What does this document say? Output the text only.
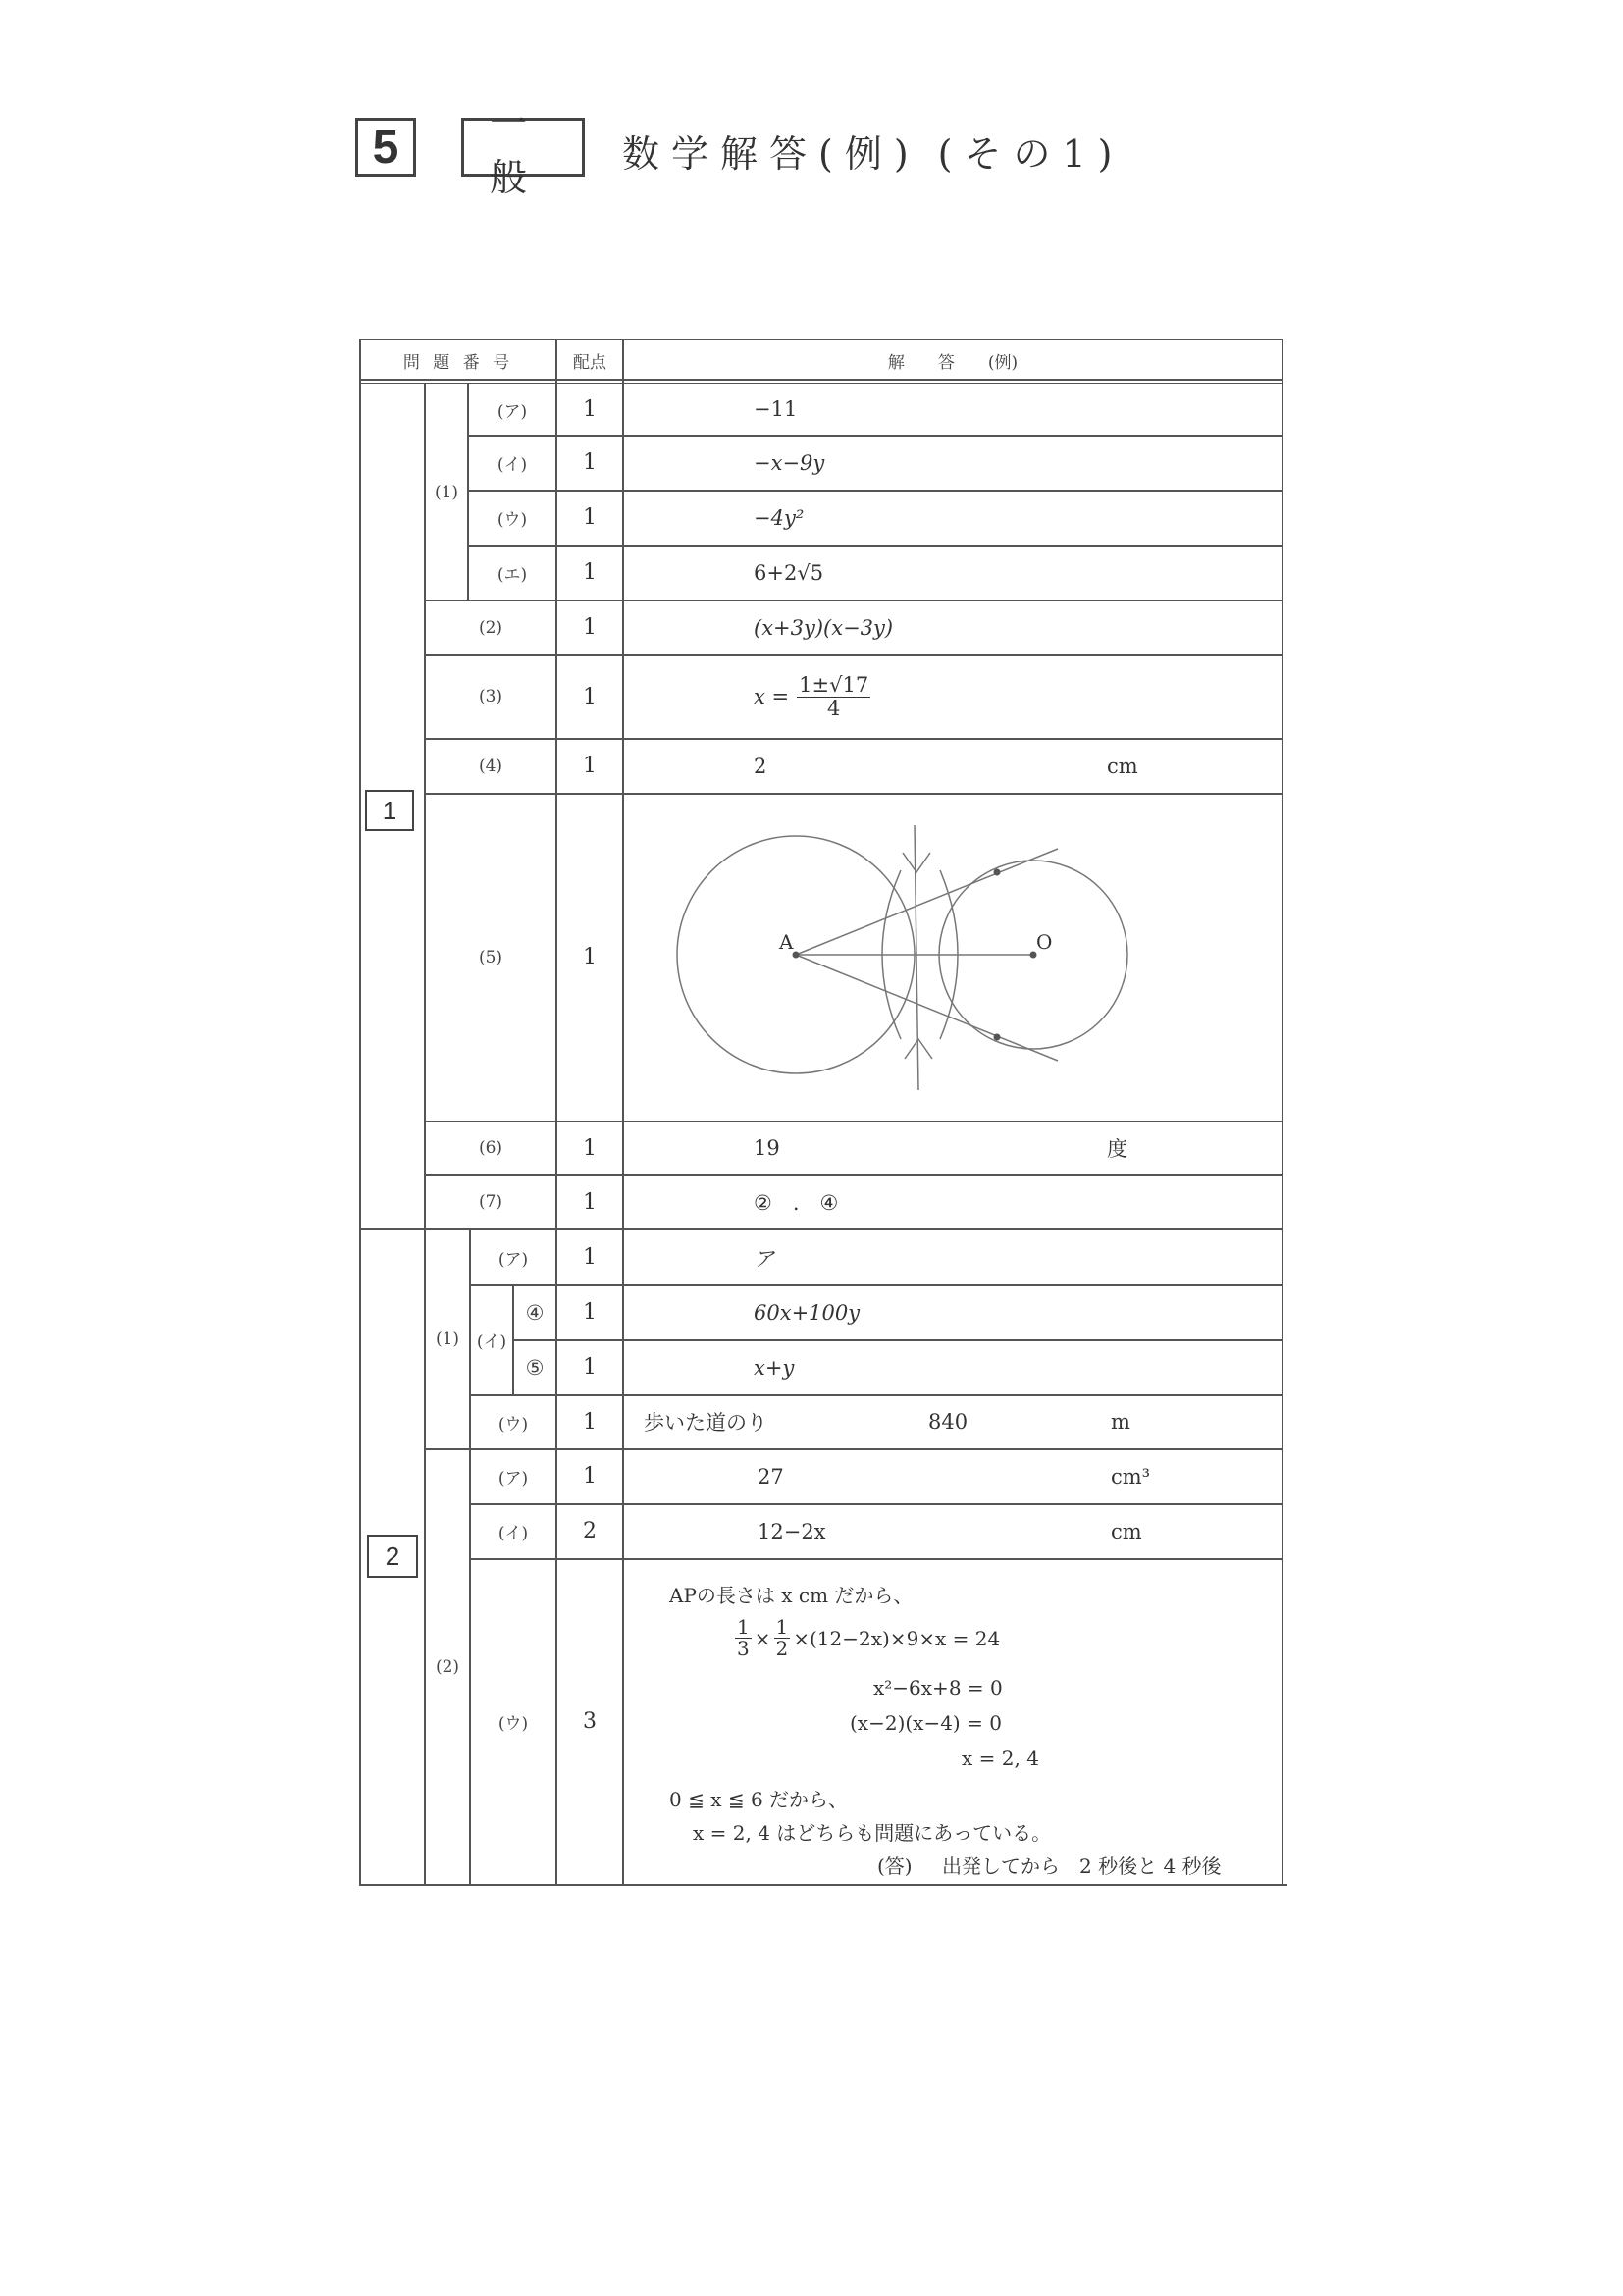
5 一般
数学解答(例) (その1)
問 題 番 号	配点	解　　答　　(例)
1
2
(1)
(ア)	1	−11
(イ)	1	−x−9y
(ウ)	1	−4y²
(エ)	1	6+2√5
(2)	1	(x+3y)(x−3y)
(3)	1	$x = \frac{1\pm√17}{4}$
(4)	1	2	cm
(5)	1
A	O
(6)	1	19	度
(7)	1	②　.　④
(1)
(ア)	1	ア
(イ)
④	1	60x+100y
⑤	1	x+y
(ウ)	1	歩いた道のり	840	m
(2)
(ア)	1	27	cm³
(イ)	2	12−2x	cm
(ウ)	3
APの長さは x cm だから、
$\frac{1}{3} \times \frac{1}{2} \times(12-2x)\times 9\times x = 24$
x²−6x+8 = 0
(x−2)(x−4) = 0
x = 2, 4
0 ≦ x ≦ 6 だから、
x = 2, 4 はどちらも問題にあっている。
(答) 出発してから　2 秒後と 4 秒後
